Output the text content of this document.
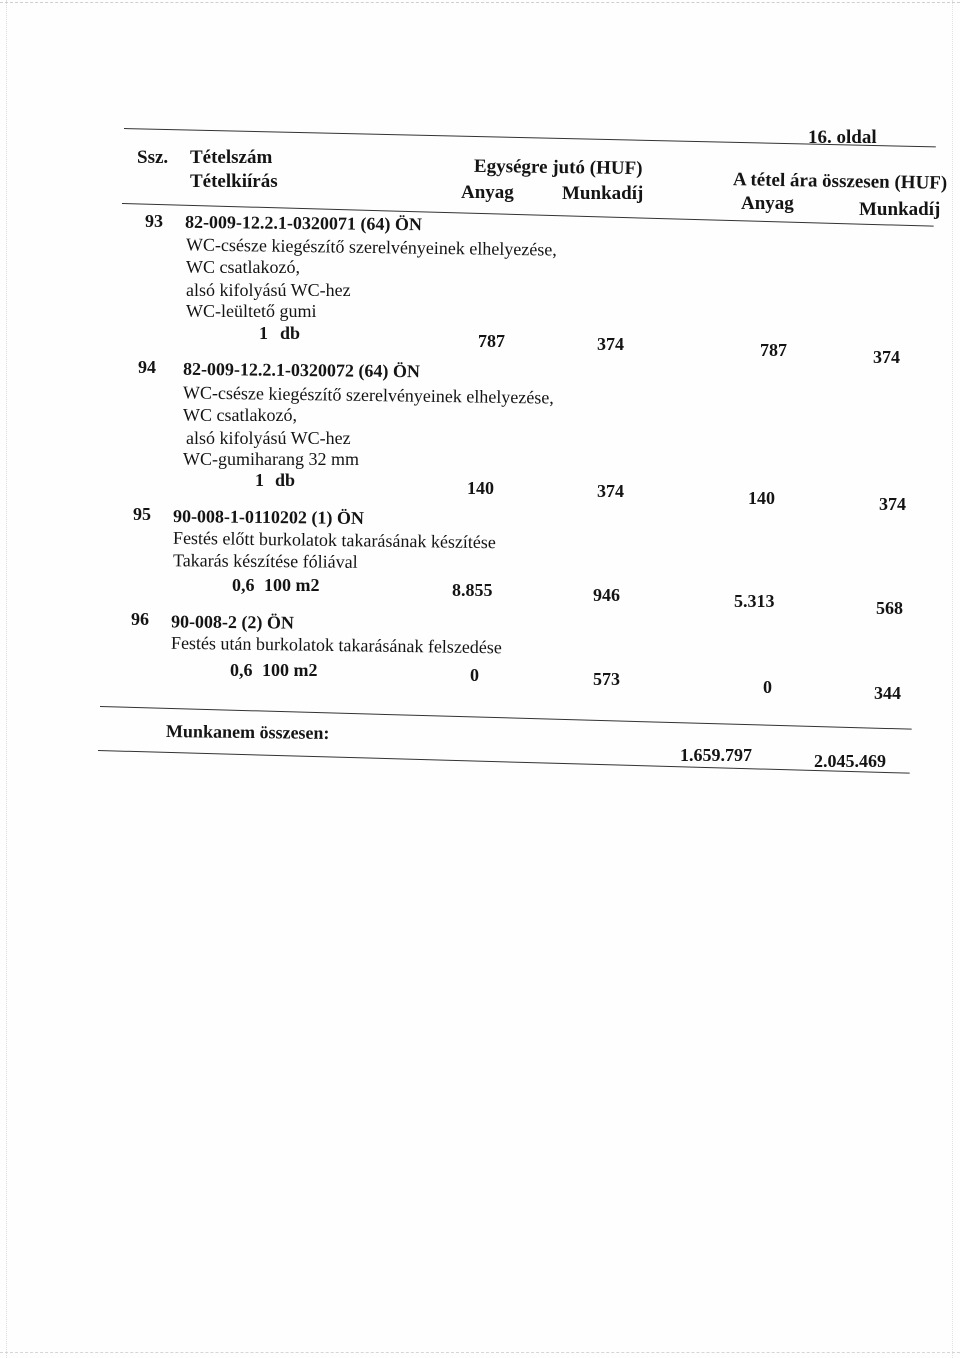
16. oldal
Ssz. Tételszám
Tételkiírás
Egységre jutó (HUF)
Anyag	Munkadíj	A tétel ára összesen (HUF)
Anyag	Munkadíj
93 82-009-12.2.1-0320071 (64) ÖN
WC-csésze kiegészítő szerelvényeinek elhelyezése,
WC csatlakozó,
alsó kifolyású WC-hez
WC-leültető gumi
1 db	787	374	787	374
94 82-009-12.2.1-0320072 (64) ÖN
WC-csésze kiegészítő szerelvényeinek elhelyezése,
WC csatlakozó,
alsó kifolyású WC-hez
WC-gumiharang 32 mm
1 db	140	374	140	374
95 90-008-1-0110202 (1) ÖN
Festés előtt burkolatok takarásának készítése
Takarás készítése fóliával
0,6 100 m2	8.855	946	5.313	568
96 90-008-2 (2) ÖN
Festés után burkolatok takarásának felszedése
0,6 100 m2	0	573	0	344
Munkanem összesen:
1.659.797	2.045.469
